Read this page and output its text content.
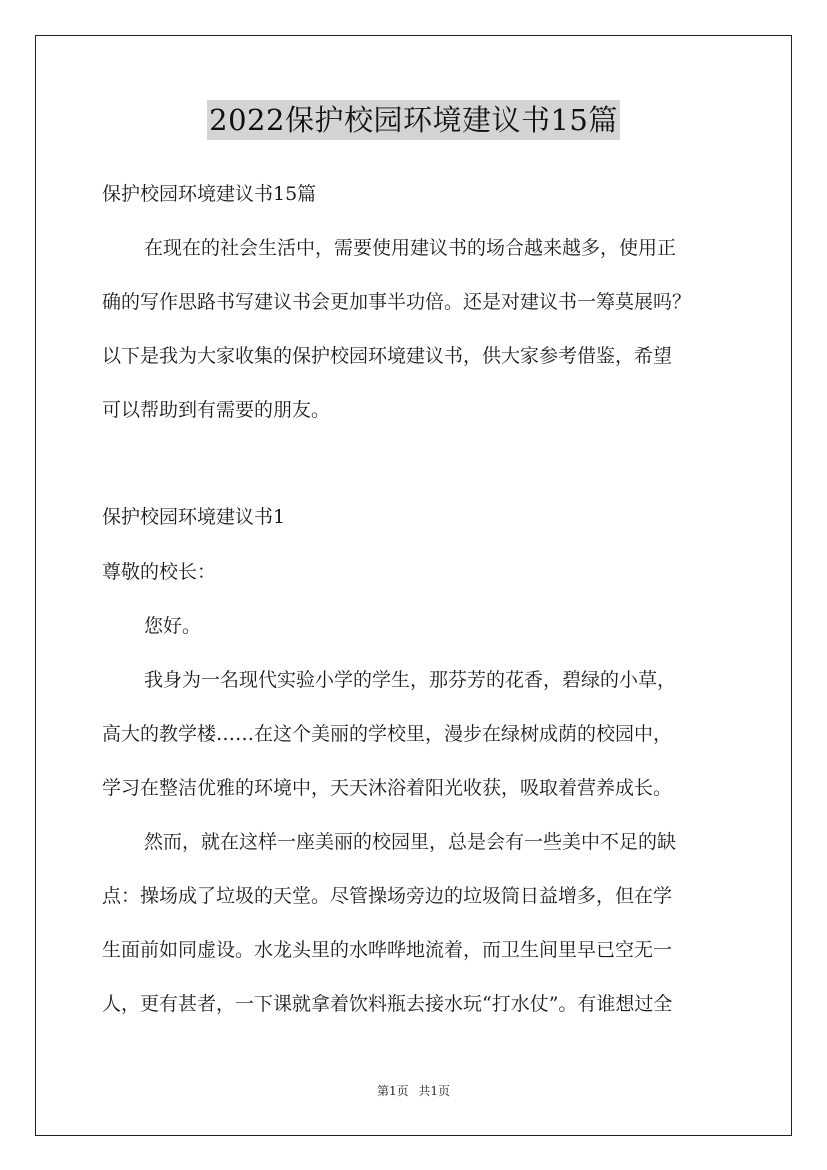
2022保护校园环境建议书15篇
保护校园环境建议书15篇
在现在的社会生活中，需要使用建议书的场合越来越多，使用正
确的写作思路书写建议书会更加事半功倍。还是对建议书一筹莫展吗？
以下是我为大家收集的保护校园环境建议书，供大家参考借鉴，希望
可以帮助到有需要的朋友。
保护校园环境建议书1
尊敬的校长：
您好。
我身为一名现代实验小学的学生，那芬芳的花香，碧绿的小草，
高大的教学楼……在这个美丽的学校里，漫步在绿树成荫的校园中，
学习在整洁优雅的环境中，天天沐浴着阳光收获，吸取着营养成长。
然而，就在这样一座美丽的校园里，总是会有一些美中不足的缺
点：操场成了垃圾的天堂。尽管操场旁边的垃圾筒日益增多，但在学
生面前如同虚设。水龙头里的水哗哗地流着，而卫生间里早已空无一
人，更有甚者，一下课就拿着饮料瓶去接水玩“打水仗”。有谁想过全
第1页 共1页
